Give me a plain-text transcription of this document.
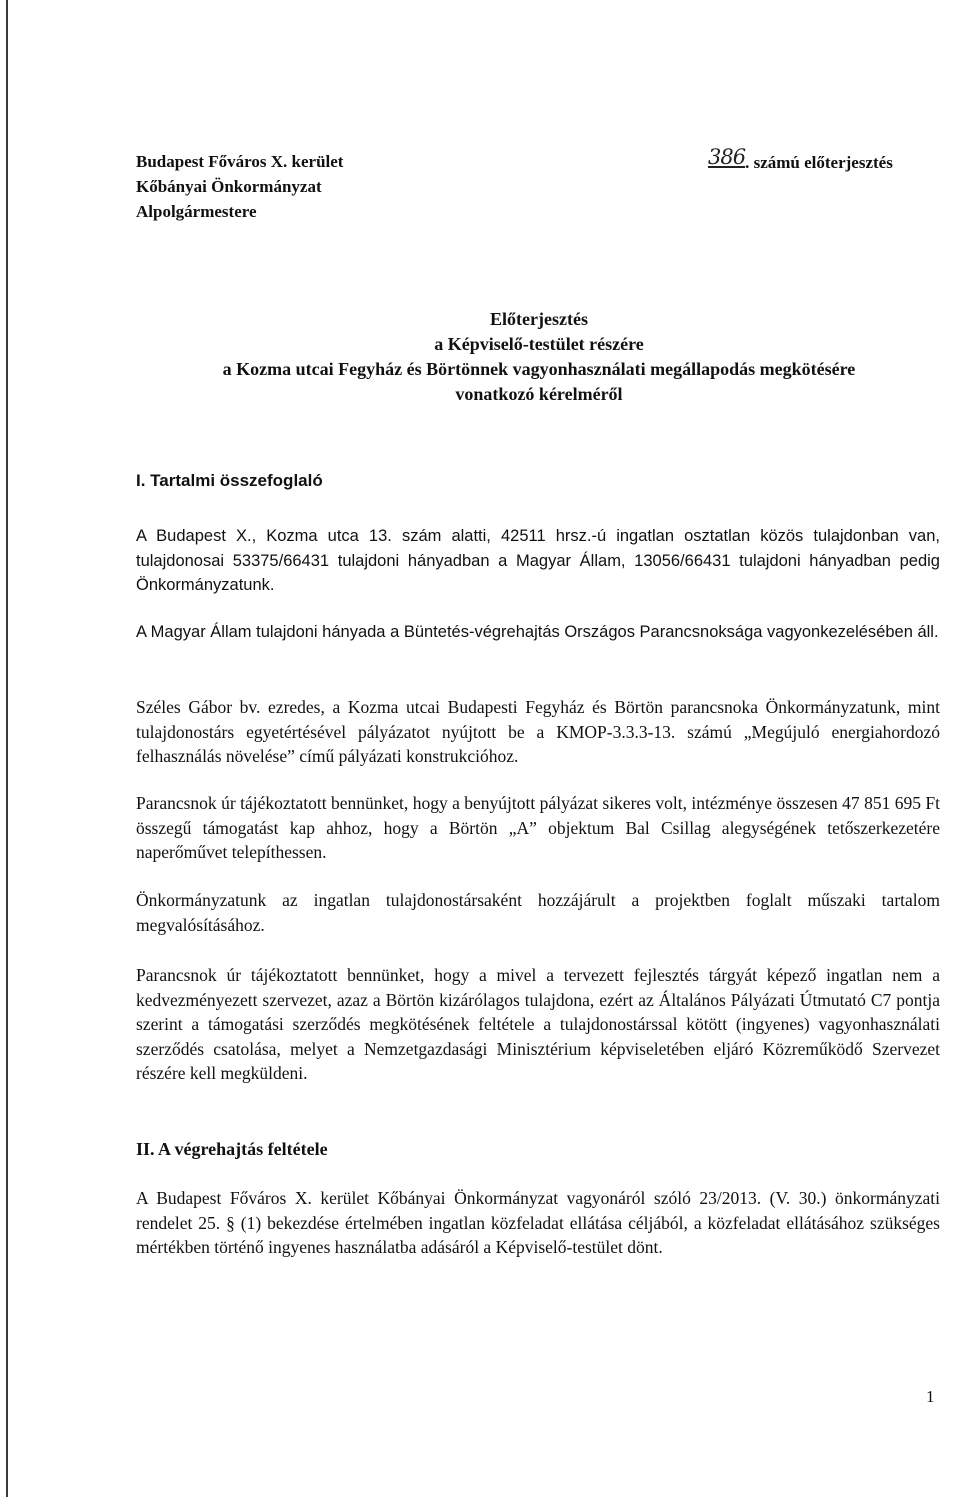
Budapest Főváros X. kerület
Kőbányai Önkormányzat
Alpolgármestere
386. számú előterjesztés
Előterjesztés
a Képviselő-testület részére
a Kozma utcai Fegyház és Börtönnek vagyonhasználati megállapodás megkötésére
vonatkozó kérelméről
I. Tartalmi összefoglaló

A Budapest X., Kozma utca 13. szám alatti, 42511 hrsz.-ú ingatlan osztatlan közös tulajdonban van, tulajdonosai 53375/66431 tulajdoni hányadban a Magyar Állam, 13056/66431 tulajdoni hányadban pedig Önkormányzatunk.

A Magyar Állam tulajdoni hányada a Büntetés-végrehajtás Országos Parancsnoksága vagyonkezelésében áll.

Széles Gábor bv. ezredes, a Kozma utcai Budapesti Fegyház és Börtön parancsnoka Önkormányzatunk, mint tulajdonostárs egyetértésével pályázatot nyújtott be a KMOP-3.3.3-13. számú „Megújuló energiahordozó felhasználás növelése” című pályázati konstrukcióhoz.

Parancsnok úr tájékoztatott bennünket, hogy a benyújtott pályázat sikeres volt, intézménye összesen 47 851 695 Ft összegű támogatást kap ahhoz, hogy a Börtön „A” objektum Bal Csillag alegységének tetőszerkezetére naperőművet telepíthessen.

Önkormányzatunk az ingatlan tulajdonostársaként hozzájárult a projektben foglalt műszaki tartalom megvalósításához.

Parancsnok úr tájékoztatott bennünket, hogy a mivel a tervezett fejlesztés tárgyát képező ingatlan nem a kedvezményezett szervezet, azaz a Börtön kizárólagos tulajdona, ezért az Általános Pályázati Útmutató C7 pontja szerint a támogatási szerződés megkötésének feltétele a tulajdonostárssal kötött (ingyenes) vagyonhasználati szerződés csatolása, melyet a Nemzetgazdasági Minisztérium képviseletében eljáró Közreműködő Szervezet részére kell megküldeni.

II. A végrehajtás feltétele

A Budapest Főváros X. kerület Kőbányai Önkormányzat vagyonáról szóló 23/2013. (V. 30.) önkormányzati rendelet 25. § (1) bekezdése értelmében ingatlan közfeladat ellátása céljából, a közfeladat ellátásához szükséges mértékben történő ingyenes használatba adásáról a Képviselő-testület dönt.

1
